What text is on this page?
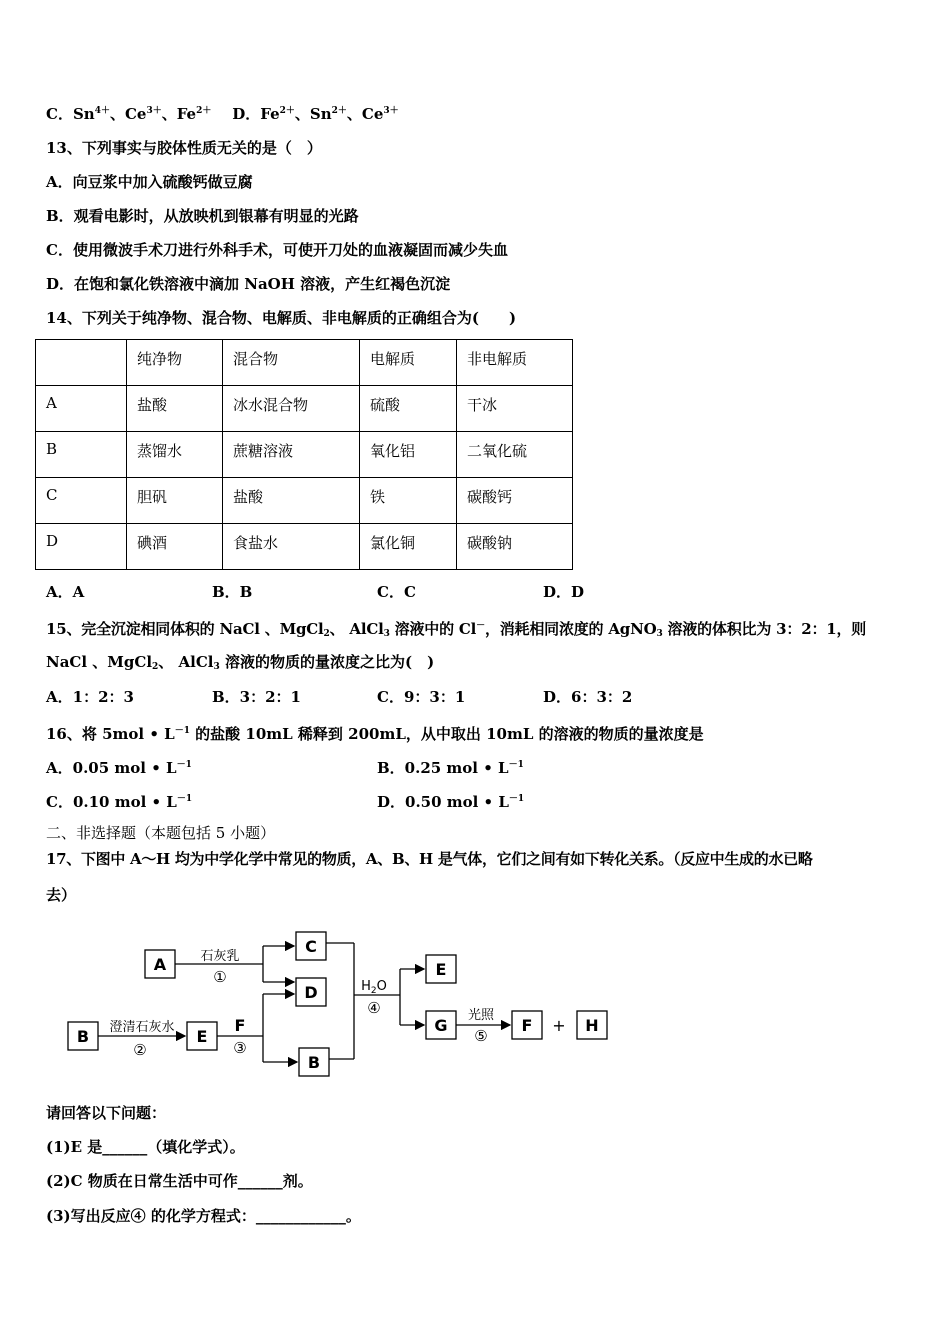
C．$Sn^{4+}$、$Ce^{3+}$、$Fe^{2+}$ D．$Fe^{2+}$、$Sn^{2+}$、$Ce^{3+}$
13、下列事实与胶体性质无关的是（　）
A．向豆浆中加入硫酸钙做豆腐
B．观看电影时，从放映机到银幕有明显的光路
C．使用微波手术刀进行外科手术，可使开刀处的血液凝固而减少失血
D．在饱和氯化铁溶液中滴加 NaOH 溶液，产生红褐色沉淀
14、下列关于纯净物、混合物、电解质、非电解质的正确组合为(　　)
	纯净物	混合物	电解质	非电解质
A	盐酸	冰水混合物	硫酸	干冰
B	蒸馏水	蔗糖溶液	氧化铝	二氧化硫
C	胆矾	盐酸	铁	碳酸钙
D	碘酒	食盐水	氯化铜	碳酸钠
A．A	B．B	C．C	D．D
15、完全沉淀相同体积的 NaCl 、MgCl$_2$、 AlCl$_3$ 溶液中的 Cl－，消耗相同浓度的 AgNO$_3$ 溶液的体积比为 3：2：1，则
NaCl 、MgCl$_2$、 AlCl$_3$ 溶液的物质的量浓度之比为(　)
A．1：2：3	B．3：2：1	C．9：3：1	D．6：3：2
16、将 5mol • $L^{-1}$ 的盐酸 10mL 稀释到 200mL，从中取出 10mL 的溶液的物质的量浓度是
A．0.05 mol • $L^{-1}$	B．0.25 mol • $L^{-1}$
C．0.10 mol • $L^{-1}$	D．0.50 mol • $L^{-1}$
二、非选择题（本题包括 5 小题）
17、下图中 A～H 均为中学化学中常见的物质，A、B、H 是气体，它们之间有如下转化关系。（反应中生成的水已略
去）
A
C
D
B	E
B
E
G	F	H
F	+
石灰乳
①
澄清石灰水
②	③
$H_2O$
④	光照
⑤
请回答以下问题：
(1)E 是______（填化学式）。
(2)C 物质在日常生活中可作______剂。
(3)写出反应④ 的化学方程式：____________。
